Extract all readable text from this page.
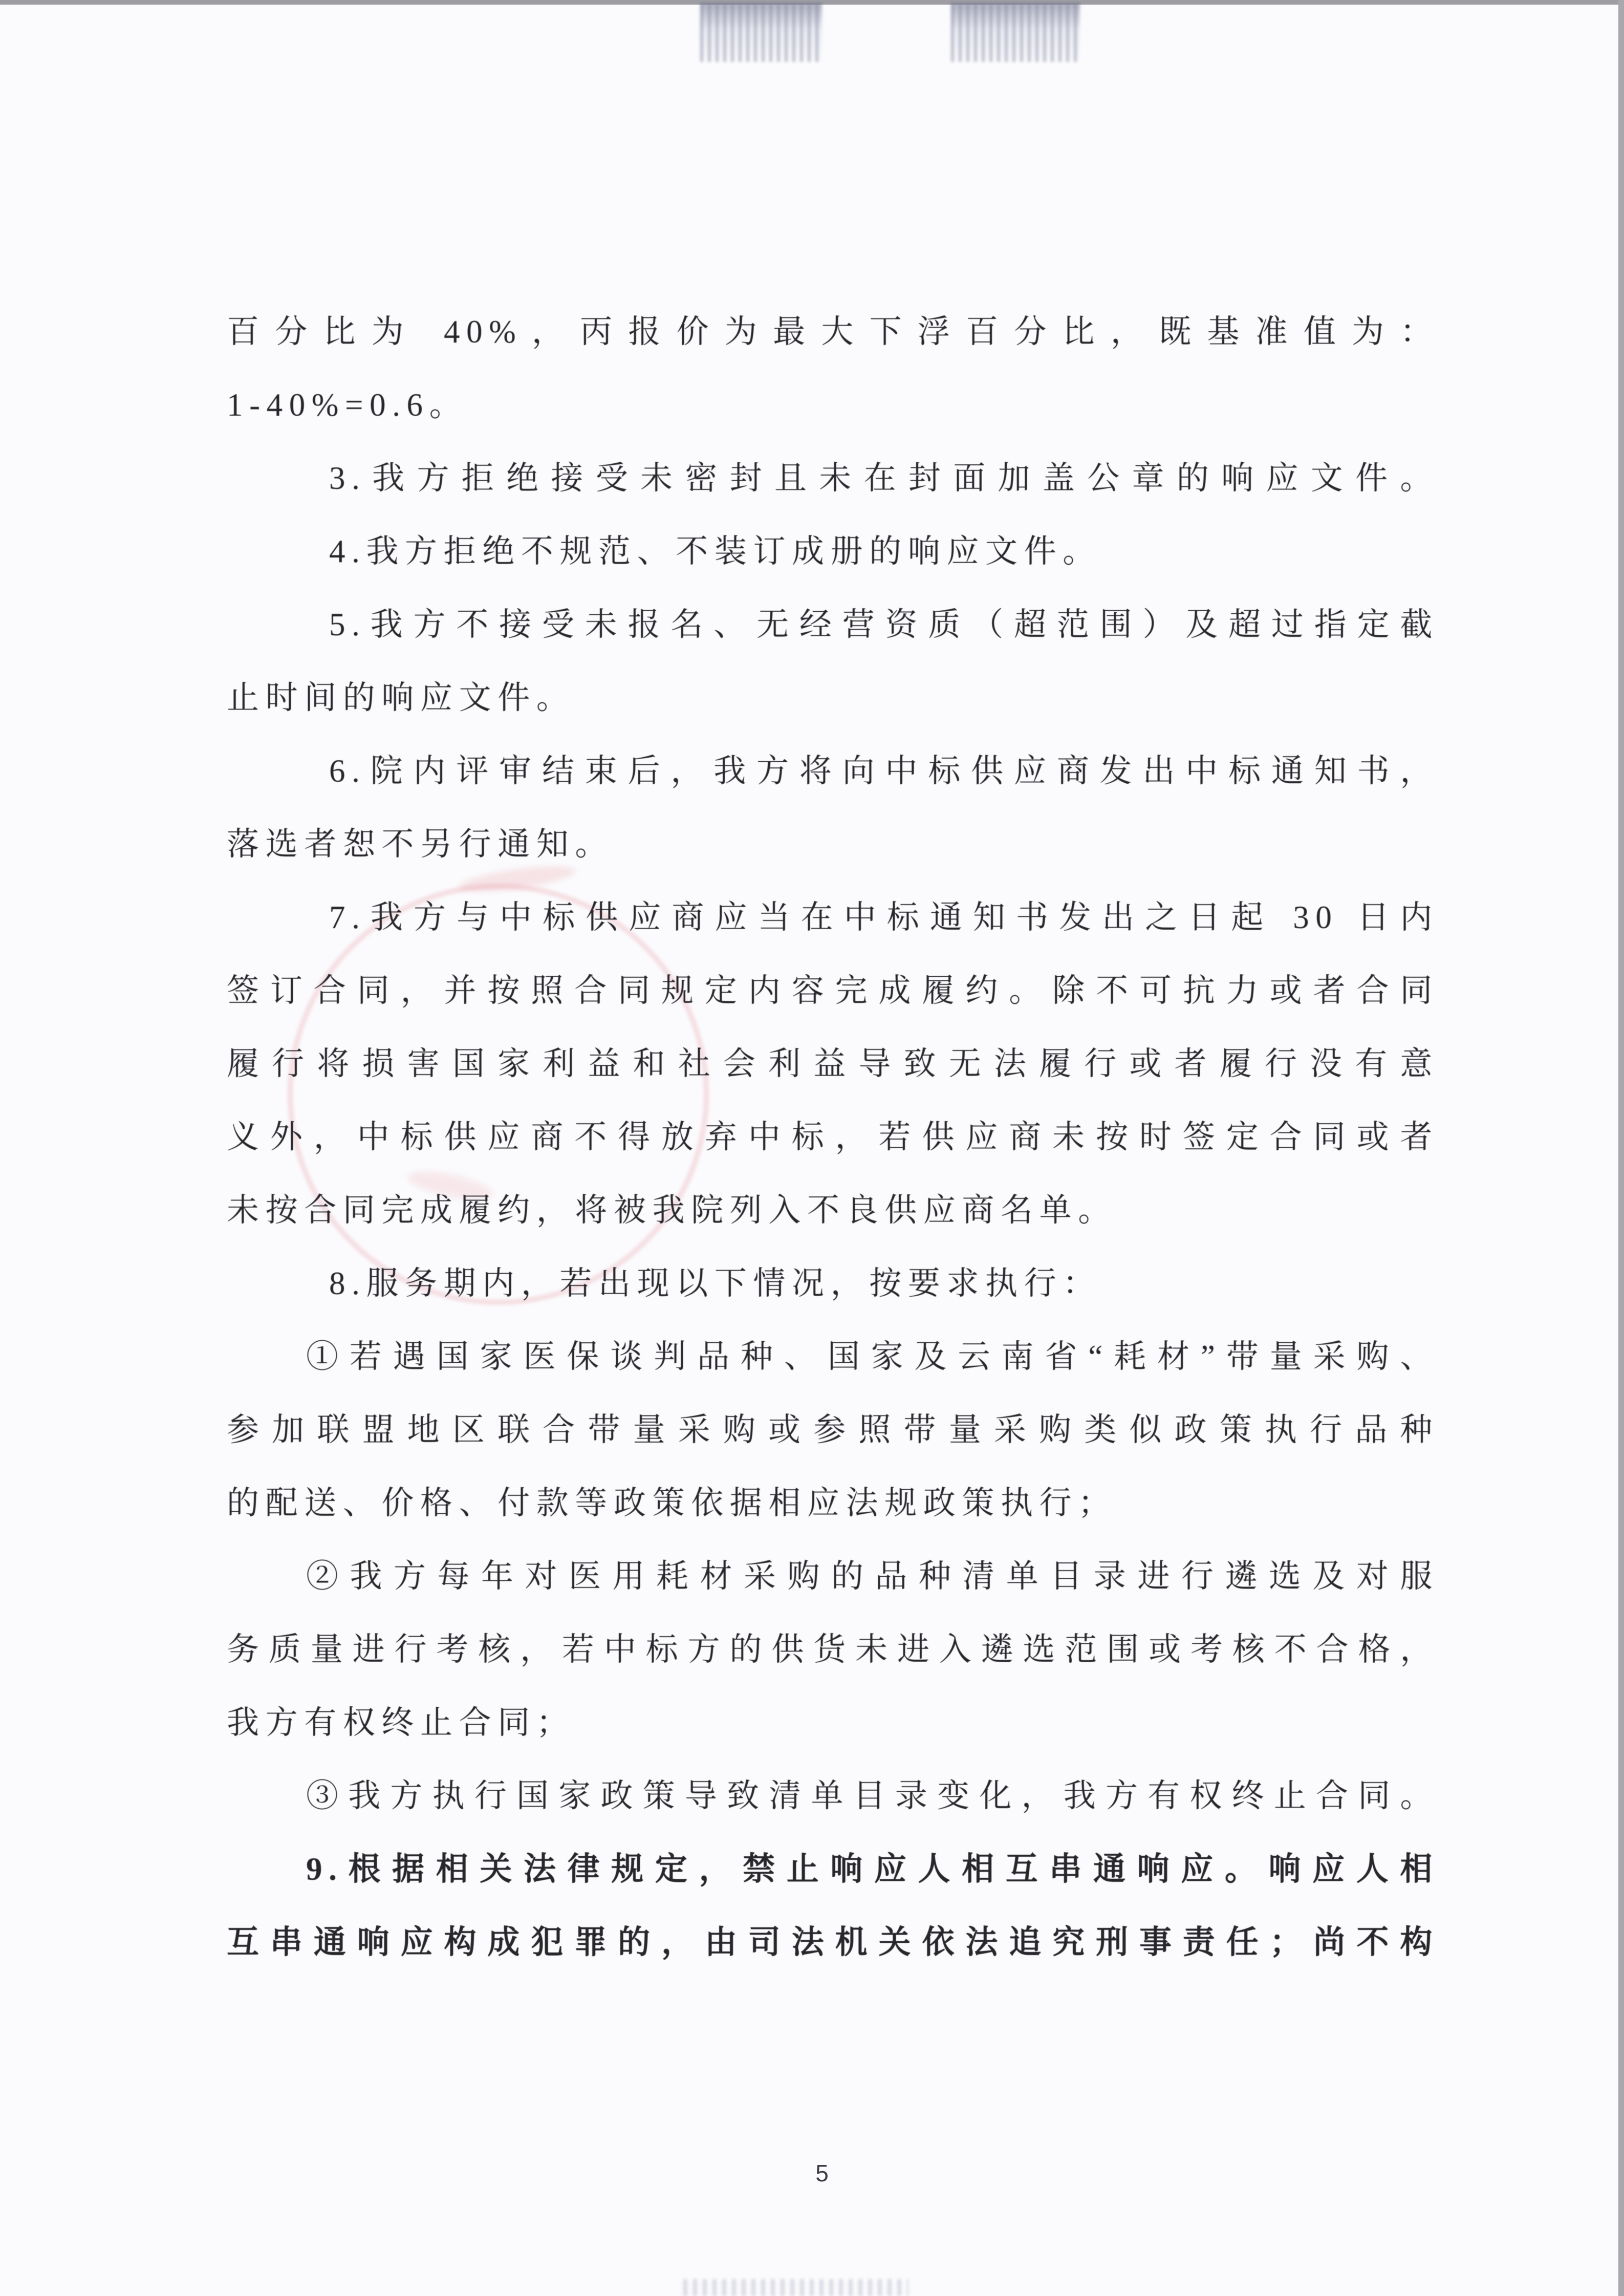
百分比为 40%，丙报价为最大下浮百分比，既基准值为：
1-40%=0.6。
3.我方拒绝接受未密封且未在封面加盖公章的响应文件。
4.我方拒绝不规范、不装订成册的响应文件。
5.我方不接受未报名、无经营资质（超范围）及超过指定截
止时间的响应文件。
6.院内评审结束后，我方将向中标供应商发出中标通知书，
落选者恕不另行通知。
7.我方与中标供应商应当在中标通知书发出之日起 30 日内
签订合同，并按照合同规定内容完成履约。除不可抗力或者合同
履行将损害国家利益和社会利益导致无法履行或者履行没有意
义外，中标供应商不得放弃中标，若供应商未按时签定合同或者
未按合同完成履约，将被我院列入不良供应商名单。
8.服务期内，若出现以下情况，按要求执行：
①若遇国家医保谈判品种、国家及云南省“耗材”带量采购、
参加联盟地区联合带量采购或参照带量采购类似政策执行品种
的配送、价格、付款等政策依据相应法规政策执行；
②我方每年对医用耗材采购的品种清单目录进行遴选及对服
务质量进行考核，若中标方的供货未进入遴选范围或考核不合格，
我方有权终止合同；
③我方执行国家政策导致清单目录变化，我方有权终止合同。
9.根据相关法律规定，禁止响应人相互串通响应。响应人相
互串通响应构成犯罪的，由司法机关依法追究刑事责任；尚不构
5
